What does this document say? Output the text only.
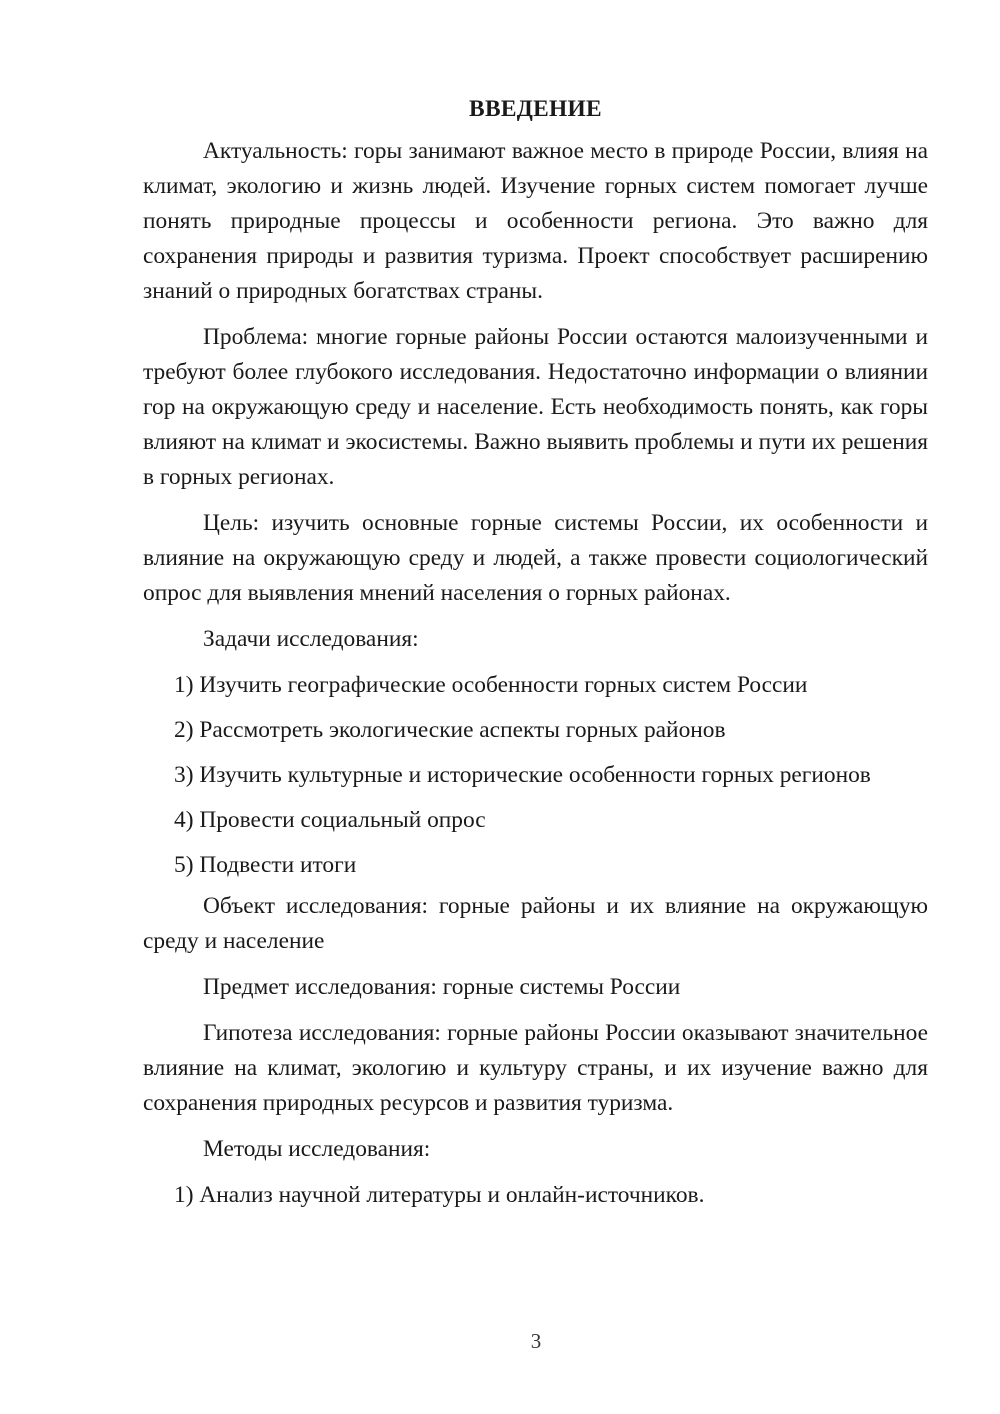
ВВЕДЕНИЕ

Актуальность: горы занимают важное место в природе России, влияя на климат, экологию и жизнь людей. Изучение горных систем помогает лучше понять природные процессы и особенности региона. Это важно для сохранения природы и развития туризма. Проект способствует расширению знаний о природных богатствах страны.

Проблема: многие горные районы России остаются малоизученными и требуют более глубокого исследования. Недостаточно информации о влиянии гор на окружающую среду и население. Есть необходимость понять, как горы влияют на климат и экосистемы. Важно выявить проблемы и пути их решения в горных регионах.

Цель: изучить основные горные системы России, их особенности и влияние на окружающую среду и людей, а также провести социологический опрос для выявления мнений населения о горных районах.

Задачи исследования:

1) Изучить географические особенности горных систем России
2) Рассмотреть экологические аспекты горных районов
3) Изучить культурные и исторические особенности горных регионов
4) Провести социальный опрос
5) Подвести итоги

Объект исследования: горные районы и их влияние на окружающую среду и население

Предмет исследования: горные системы России

Гипотеза исследования: горные районы России оказывают значительное влияние на климат, экологию и культуру страны, и их изучение важно для сохранения природных ресурсов и развития туризма.

Методы исследования:

1) Анализ научной литературы и онлайн-источников.
3
